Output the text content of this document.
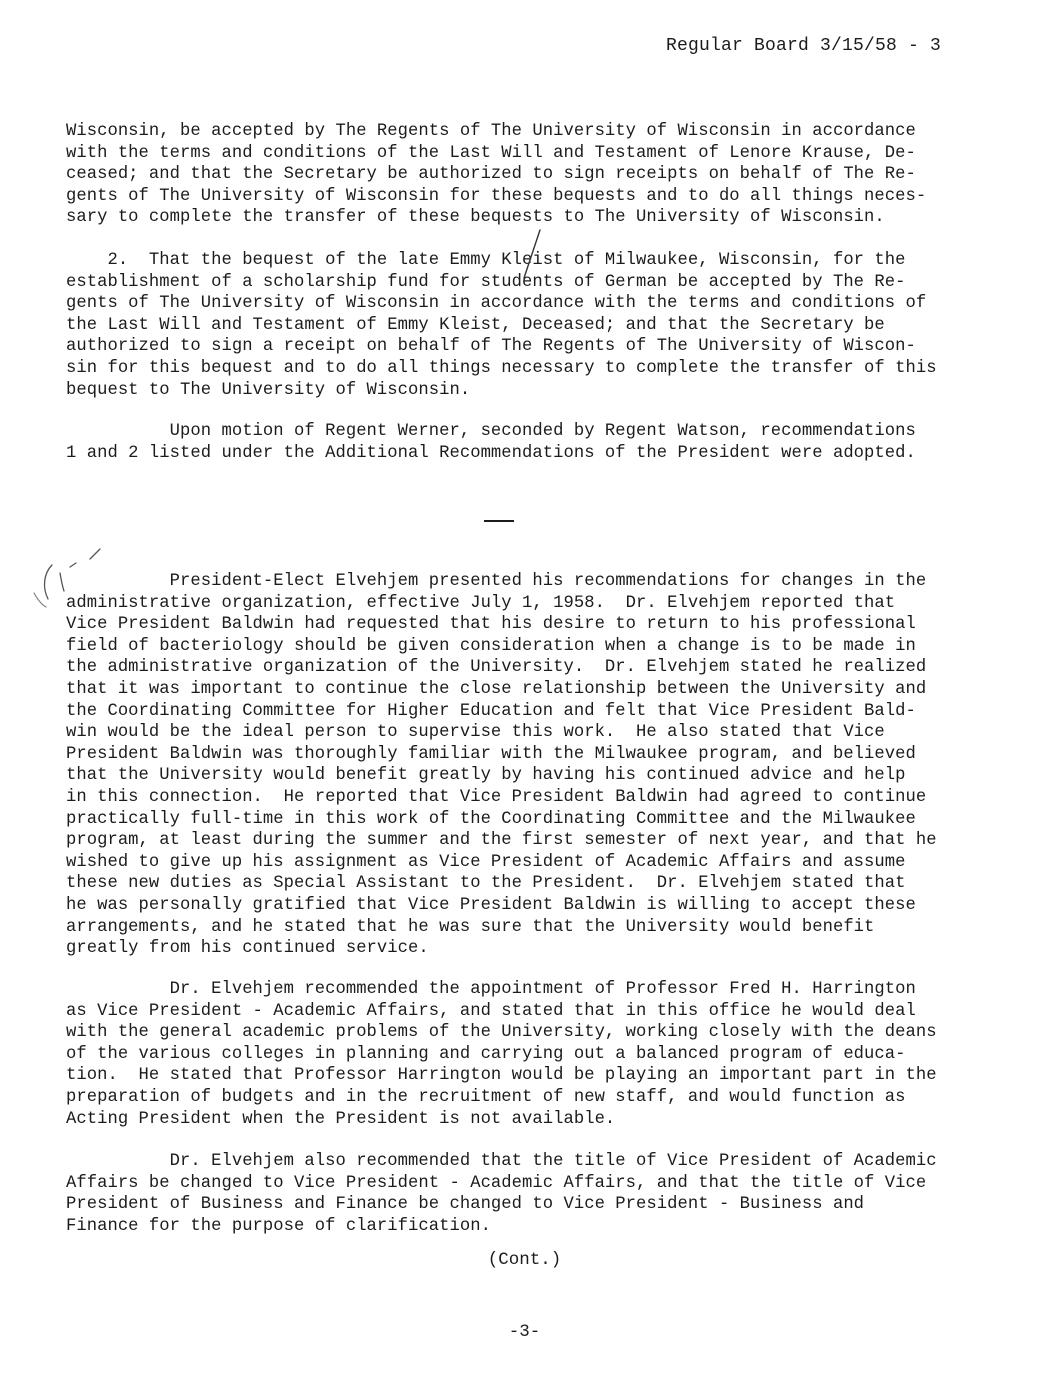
Regular Board 3/15/58 - 3
Wisconsin, be accepted by The Regents of The University of Wisconsin in accordance
with the terms and conditions of the Last Will and Testament of Lenore Krause, De-
ceased; and that the Secretary be authorized to sign receipts on behalf of The Re-
gents of The University of Wisconsin for these bequests and to do all things neces-
sary to complete the transfer of these bequests to The University of Wisconsin.
2.  That the bequest of the late Emmy Kleist of Milwaukee, Wisconsin, for the
establishment of a scholarship fund for students of German be accepted by The Re-
gents of The University of Wisconsin in accordance with the terms and conditions of
the Last Will and Testament of Emmy Kleist, Deceased; and that the Secretary be
authorized to sign a receipt on behalf of The Regents of The University of Wiscon-
sin for this bequest and to do all things necessary to complete the transfer of this
bequest to The University of Wisconsin.
Upon motion of Regent Werner, seconded by Regent Watson, recommendations
1 and 2 listed under the Additional Recommendations of the President were adopted.
President-Elect Elvehjem presented his recommendations for changes in the
administrative organization, effective July 1, 1958.  Dr. Elvehjem reported that
Vice President Baldwin had requested that his desire to return to his professional
field of bacteriology should be given consideration when a change is to be made in
the administrative organization of the University.  Dr. Elvehjem stated he realized
that it was important to continue the close relationship between the University and
the Coordinating Committee for Higher Education and felt that Vice President Bald-
win would be the ideal person to supervise this work.  He also stated that Vice
President Baldwin was thoroughly familiar with the Milwaukee program, and believed
that the University would benefit greatly by having his continued advice and help
in this connection.  He reported that Vice President Baldwin had agreed to continue
practically full-time in this work of the Coordinating Committee and the Milwaukee
program, at least during the summer and the first semester of next year, and that he
wished to give up his assignment as Vice President of Academic Affairs and assume
these new duties as Special Assistant to the President.  Dr. Elvehjem stated that
he was personally gratified that Vice President Baldwin is willing to accept these
arrangements, and he stated that he was sure that the University would benefit
greatly from his continued service.
Dr. Elvehjem recommended the appointment of Professor Fred H. Harrington
as Vice President - Academic Affairs, and stated that in this office he would deal
with the general academic problems of the University, working closely with the deans
of the various colleges in planning and carrying out a balanced program of educa-
tion.  He stated that Professor Harrington would be playing an important part in the
preparation of budgets and in the recruitment of new staff, and would function as
Acting President when the President is not available.
Dr. Elvehjem also recommended that the title of Vice President of Academic
Affairs be changed to Vice President - Academic Affairs, and that the title of Vice
President of Business and Finance be changed to Vice President - Business and
Finance for the purpose of clarification.
(Cont.)
-3-
